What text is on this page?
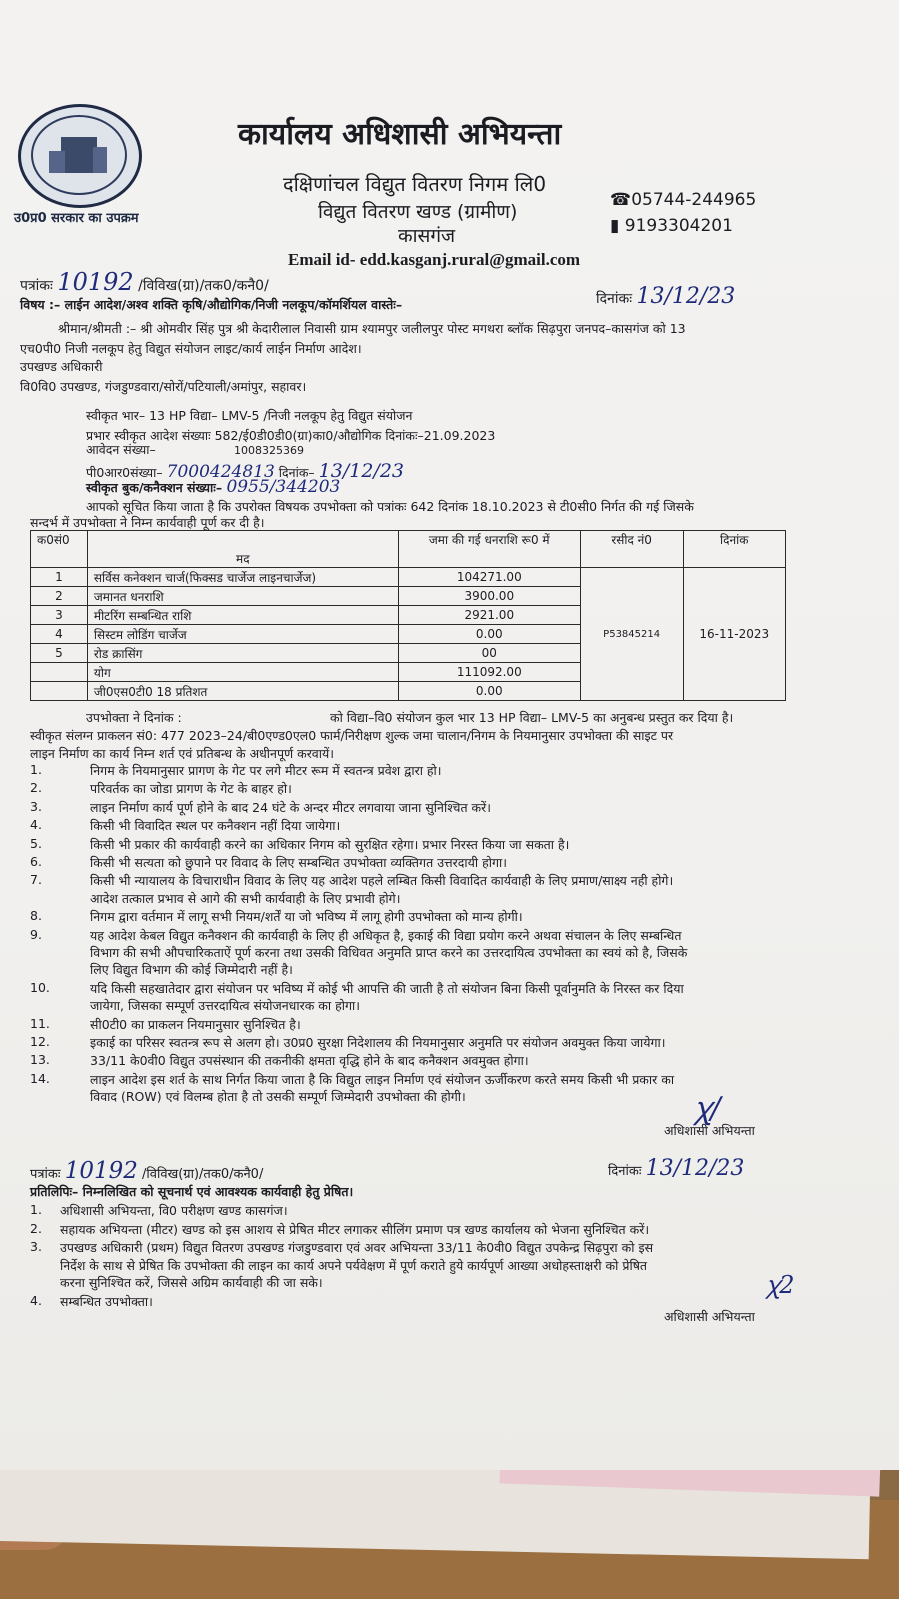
उ0प्र0 सरकार का उपक्रम
कार्यालय अधिशासी अभियन्ता
दक्षिणांचल विद्युत वितरण निगम लि0
विद्युत वितरण खण्ड (ग्रामीण)
कासगंज
☎05744-244965
▮ 9193304201
Email id- edd.kasganj.rural@gmail.com
पत्रांकः 10192 /विविख(ग्रा)/तक0/कनै0/
दिनांकः 13/12/23
विषय :– लाईन आदेश/अश्व शक्ति कृषि/औद्योगिक/निजी नलकूप/कॉमर्शियल वास्तेः–
श्रीमान/श्रीमती :– श्री ओमवीर सिंह पुत्र श्री केदारीलाल निवासी ग्राम श्यामपुर जलीलपुर पोस्ट मगथरा ब्लॉक सिढ़पुरा जनपद–कासगंज को 13
एच0पी0 निजी नलकूप हेतु विद्युत संयोजन लाइट/कार्य लाईन निर्माण आदेश।
उपखण्ड अधिकारी
वि0वि0 उपखण्ड, गंजडुण्डवारा/सोरों/पटियाली/अमांपुर, सहावर।
स्वीकृत भार– 13 HP विद्या– LMV-5 /निजी नलकूप हेतु विद्युत संयोजन
प्रभार स्वीकृत आदेश संख्याः 582/ई0डी0डी0(ग्रा)का0/औद्योगिक दिनांकः–21.09.2023
आवेदन संख्या–	1008325369
पी0आर0संख्या– 7000424813 दिनांक– 13/12/23
स्वीकृत बुक/कनैक्शन संख्याः– 0955/344203
आपको सूचित किया जाता है कि उपरोक्त विषयक उपभोक्ता को पत्रांकः 642 दिनांक 18.10.2023 से टी0सी0 निर्गत की गई जिसके
सन्दर्भ में उपभोक्ता ने निम्न कार्यवाही पूर्ण कर दी है।
क0सं0	मद	जमा की गई धनराशि रू0 में	रसीद नं0	दिनांक
1	सर्विस कनेक्शन चार्ज(फिक्सड चार्जेज लाइनचार्जेज)	104271.00	P53845214	16-11-2023
2	जमानत धनराशि	3900.00		
3	मीटरिंग सम्बन्धित राशि	2921.00		
4	सिस्टम लोडिंग चार्जेज	0.00		
5	रोड क्रासिंग	00		
	योग	111092.00		
	जी0एस0टी0 18 प्रतिशत	0.00		
उपभोक्ता ने दिनांक :	को विद्या–वि0 संयोजन कुल भार 13 HP विद्या– LMV-5 का अनुबन्ध प्रस्तुत कर दिया है।
स्वीकृत संलग्न प्राकलन सं0: 477 2023–24/बी0एण्ड0एल0 फार्म/निरीक्षण शुल्क जमा चालान/निगम के नियमानुसार उपभोक्ता की साइट पर
लाइन निर्माण का कार्य निम्न शर्त एवं प्रतिबन्ध के अधीनपूर्ण करवायें।
1.	निगम के नियमानुसार प्रागण के गेट पर लगे मीटर रूम में स्वतन्त्र प्रवेश द्वारा हो।
2.	परिवर्तक का जोडा प्रागण के गेट के बाहर हो।
3.	लाइन निर्माण कार्य पूर्ण होने के बाद 24 घंटे के अन्दर मीटर लगवाया जाना सुनिश्चित करें।
4.	किसी भी विवादित स्थल पर कनैक्शन नहीं दिया जायेगा।
5.	किसी भी प्रकार की कार्यवाही करने का अधिकार निगम को सुरक्षित रहेगा। प्रभार निरस्त किया जा सकता है।
6.	किसी भी सत्यता को छुपाने पर विवाद के लिए सम्बन्धित उपभोक्ता व्यक्तिगत उत्तरदायी होगा।
7.	किसी भी न्यायालय के विचाराधीन विवाद के लिए यह आदेश पहले लम्बित किसी विवादित कार्यवाही के लिए प्रमाण/साक्ष्य नही होगे।
आदेश तत्काल प्रभाव से आगे की सभी कार्यवाही के लिए प्रभावी होगे।
8.	निगम द्वारा वर्तमान में लागू सभी नियम/शर्तें या जो भविष्य में लागू होगी उपभोक्ता को मान्य होगी।
9.	यह आदेश केबल विद्युत कनैक्शन की कार्यवाही के लिए ही अधिकृत है, इकाई की विद्या प्रयोग करने अथवा संचालन के लिए सम्बन्धित
विभाग की सभी औपचारिकताऐं पूर्ण करना तथा उसकी विधिवत अनुमति प्राप्त करने का उत्तरदायित्व उपभोक्ता का स्वयं को है, जिसके
लिए विद्युत विभाग की कोई जिम्मेदारी नहीं है।
10.	यदि किसी सहखातेदार द्वारा संयोजन पर भविष्य में कोई भी आपत्ति की जाती है तो संयोजन बिना किसी पूर्वानुमति के निरस्त कर दिया
जायेगा, जिसका सम्पूर्ण उत्तरदायित्व संयोजनधारक का होगा।
11.	सी0टी0 का प्राकलन नियमानुसार सुनिश्चित है।
12.	इकाई का परिसर स्वतन्त्र रूप से अलग हो। उ0प्र0 सुरक्षा निदेशालय की नियमानुसार अनुमति पर संयोजन अवमुक्त किया जायेगा।
13.	33/11 के0वी0 विद्युत उपसंस्थान की तकनीकी क्षमता वृद्धि होने के बाद कनैक्शन अवमुक्त होगा।
14.	लाइन आदेश इस शर्त के साथ निर्गत किया जाता है कि विद्युत लाइन निर्माण एवं संयोजन ऊर्जीकरण करते समय किसी भी प्रकार का
विवाद (ROW) एवं विलम्ब होता है तो उसकी सम्पूर्ण जिम्मेदारी उपभोक्ता की होगी।	ꭓ/
अधिशासी अभियन्ता
पत्रांकः 10192 /विविख(ग्रा)/तक0/कनै0/	दिनांकः 13/12/23
प्रतिलिपिः– निम्नलिखित को सूचनार्थ एवं आवश्यक कार्यवाही हेतु प्रेषित।
1. अधिशासी अभियन्ता, वि0 परीक्षण खण्ड कासगंज।
2. सहायक अभियन्ता (मीटर) खण्ड को इस आशय से प्रेषित मीटर लगाकर सीलिंग प्रमाण पत्र खण्ड कार्यालय को भेजना सुनिश्चित करें।
3. उपखण्ड अधिकारी (प्रथम) विद्युत वितरण उपखण्ड गंजडुण्डवारा एवं अवर अभियन्ता 33/11 के0वी0 विद्युत उपकेन्द्र सिढ़पुरा को इस
निर्देश के साथ से प्रेषित कि उपभोक्ता की लाइन का कार्य अपने पर्यवेक्षण में पूर्ण कराते हुये कार्यपूर्ण आख्या अधोहस्ताक्षरी को प्रेषित
करना सुनिश्चित करें, जिससे अग्रिम कार्यवाही की जा सके।
4. सम्बन्धित उपभोक्ता।
ꭓ2
अधिशासी अभियन्ता
